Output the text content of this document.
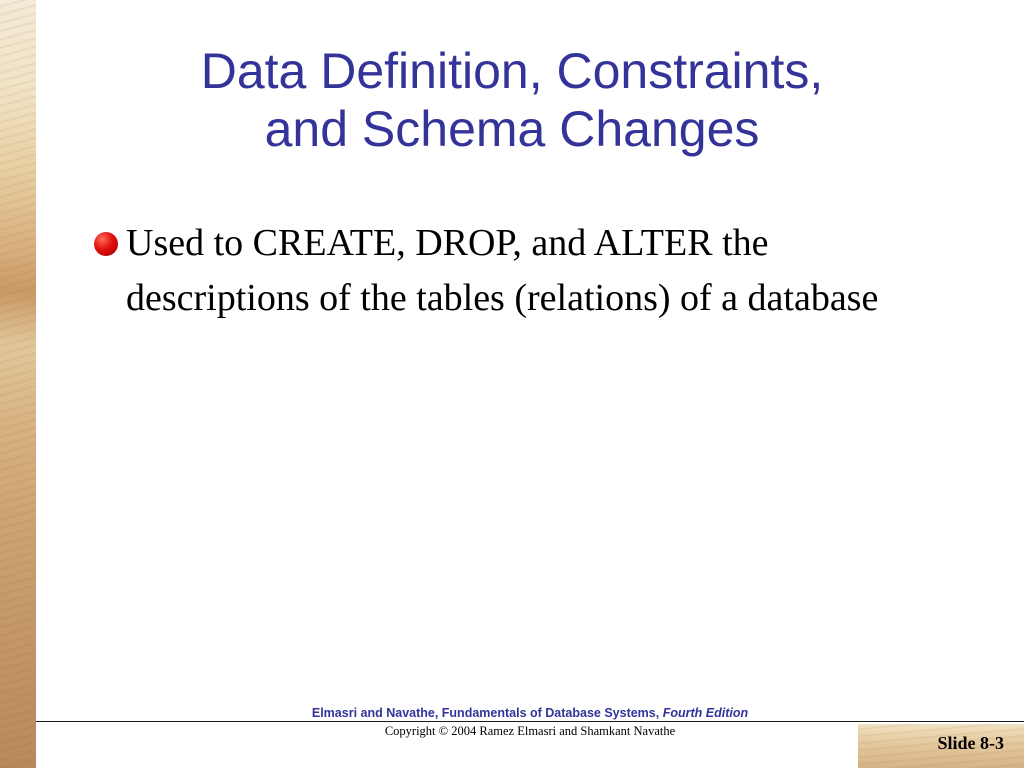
Data Definition, Constraints,
and Schema Changes
Used to CREATE, DROP, and ALTER the descriptions of the tables (relations) of a database
Elmasri and Navathe, Fundamentals of Database Systems, Fourth Edition
Copyright © 2004 Ramez Elmasri and Shamkant Navathe
Slide 8-3
